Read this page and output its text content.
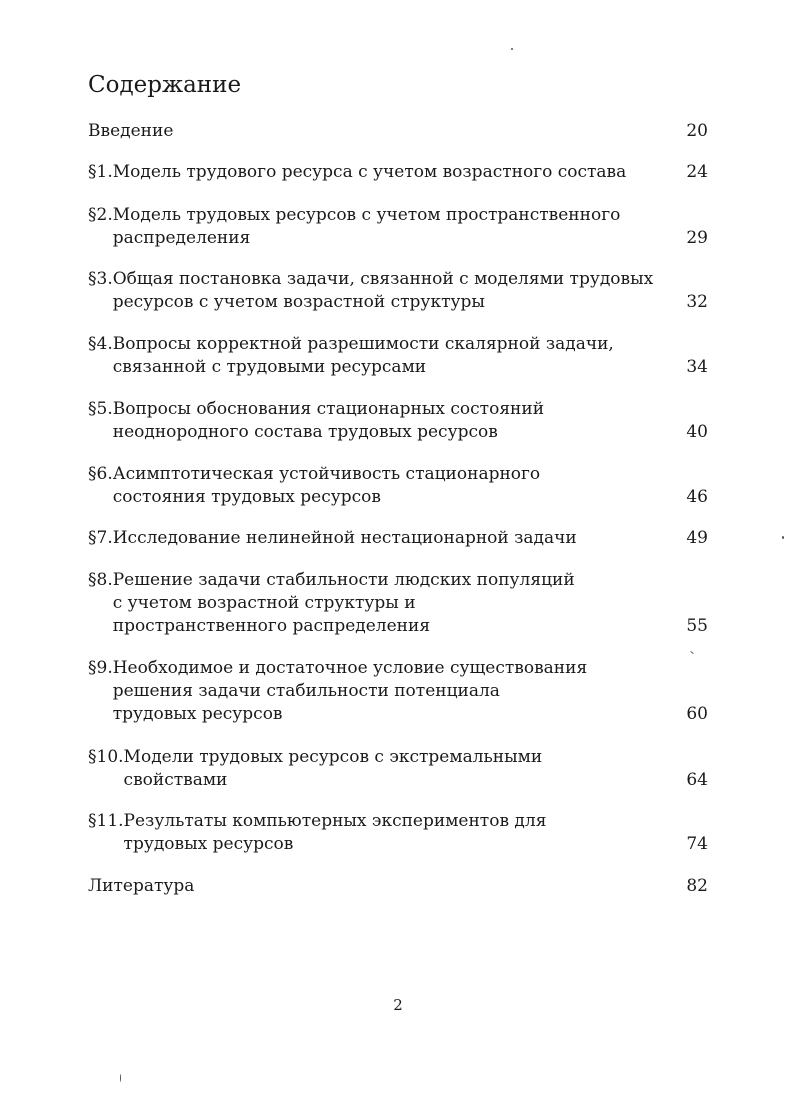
Содержание
Введение	20
§1. Модель трудового ресурса с учетом возрастного состава	24
§2. Модель трудовых ресурсов с учетом пространственного
распределения	29
§3. Общая постановка задачи, связанной с моделями трудовых
ресурсов с учетом возрастной структуры	32
§4. Вопросы корректной разрешимости скалярной задачи,
связанной с трудовыми ресурсами	34
§5. Вопросы обоснования стационарных состояний
неоднородного состава трудовых ресурсов	40
§6. Асимптотическая устойчивость стационарного
состояния трудовых ресурсов	46
§7. Исследование нелинейной нестационарной задачи	49
§8. Решение задачи стабильности людских популяций
с учетом возрастной структуры и
пространственного распределения	55
§9. Необходимое и достаточное условие существования
решения задачи стабильности потенциала
трудовых ресурсов	60
§10. Модели трудовых ресурсов с экстремальными
свойствами	64
§11. Результаты компьютерных экспериментов для
трудовых ресурсов	74
Литература	82
2
